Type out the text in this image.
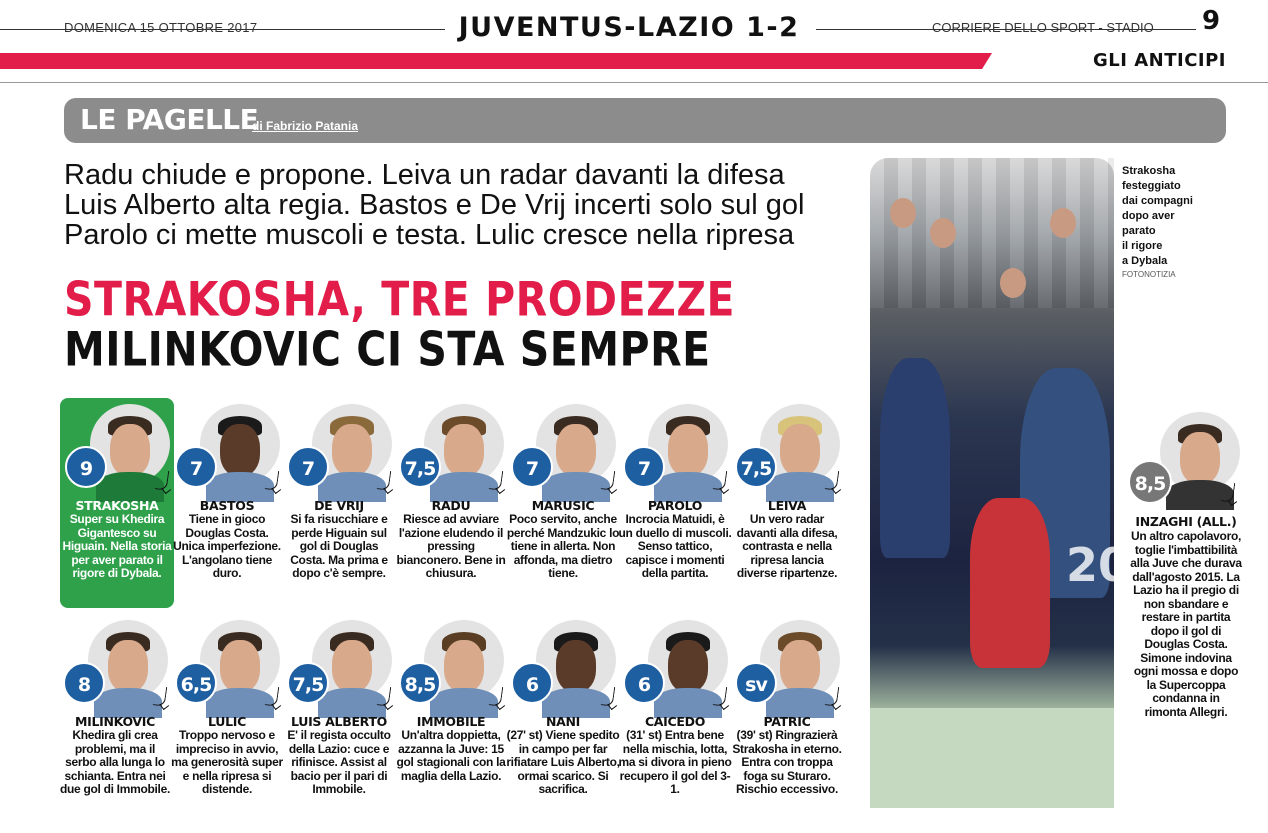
DOMENICA 15 OTTOBRE 2017	JUVENTUS-LAZIO 1-2	CORRIERE DELLO SPORT - STADIO 9
GLI ANTICIPI
LE PAGELLE
di Fabrizio Patania
Radu chiude e propone. Leiva un radar davanti la difesa
Luis Alberto alta regia. Bastos e De Vrij incerti solo sul gol
Parolo ci mette muscoli e testa. Lulic cresce nella ripresa
STRAKOSHA, TRE PRODEZZE
MILINKOVIC CI STA SEMPRE
20
Strakosha
festeggiato
dai compagni
dopo aver
parato
il rigore
a Dybala
FOTONOTIZIA
9
STRAKOSHA
Super su Khedira Gigantesco su Higuain. Nella storia per aver parato il rigore di Dybala.
7
BASTOS
Tiene in gioco Douglas Costa. Unica imperfezione. L'angolano tiene duro.
7
DE VRIJ
Si fa risucchiare e perde Higuain sul gol di Douglas Costa. Ma prima e dopo c'è sempre.
7,5
RADU
Riesce ad avviare l'azione eludendo il pressing bianconero. Bene in chiusura.
7
MARUSIC
Poco servito, anche perché Mandzukic lo tiene in allerta. Non affonda, ma dietro tiene.
7
PAROLO
Incrocia Matuidi, è un duello di muscoli. Senso tattico, capisce i momenti della partita.
7,5
LEIVA
Un vero radar davanti alla difesa, contrasta e nella ripresa lancia diverse ripartenze.
8
MILINKOVIC
Khedira gli crea problemi, ma il serbo alla lunga lo schianta. Entra nei due gol di Immobile.
6,5
LULIC
Troppo nervoso e impreciso in avvio, ma generosità super e nella ripresa si distende.
7,5
LUIS ALBERTO
E' il regista occulto della Lazio: cuce e rifinisce. Assist al bacio per il pari di Immobile.
8,5
IMMOBILE
Un'altra doppietta, azzanna la Juve: 15 gol stagionali con la maglia della Lazio.
6
NANI
(27' st) Viene spedito in campo per far rifiatare Luis Alberto, ormai scarico. Si sacrifica.
6
CAICEDO
(31' st) Entra bene nella mischia, lotta, ma si divora in pieno recupero il gol del 3-1.
sv
PATRIC
(39' st) Ringrazierà Strakosha in eterno. Entra con troppa foga su Sturaro. Rischio eccessivo.
8,5
INZAGHI (ALL.)
Un altro capolavoro, toglie l'imbattibilità alla Juve che durava dall'agosto 2015. La Lazio ha il pregio di non sbandare e restare in partita dopo il gol di Douglas Costa. Simone indovina ogni mossa e dopo la Supercoppa condanna in rimonta Allegri.
